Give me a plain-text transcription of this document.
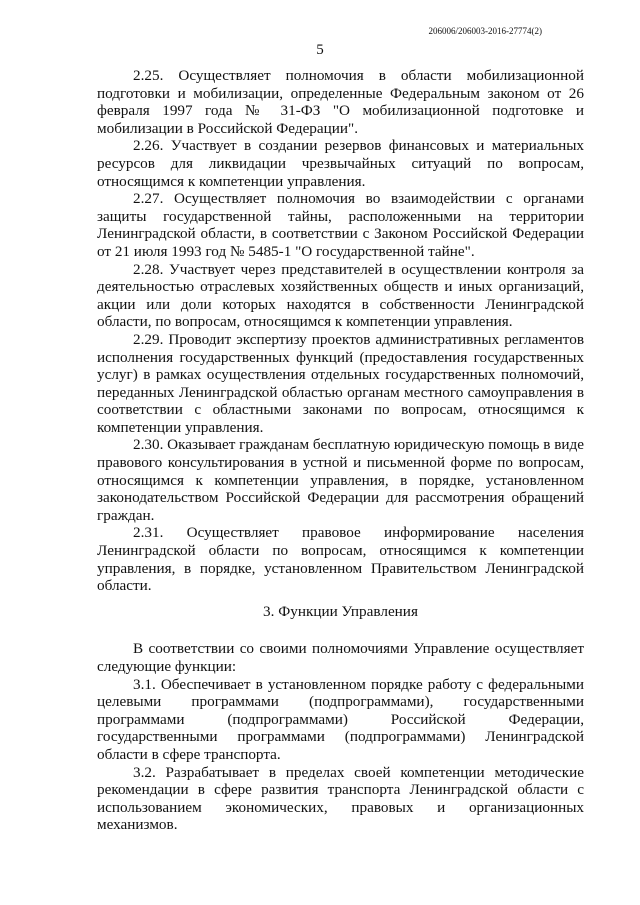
206006/206003-2016-27774(2)
5

2.25. Осуществляет полномочия в области мобилизационной подготовки и мобилизации, определенные Федеральным законом от 26 февраля 1997 года № 31-ФЗ "О мобилизационной подготовке и мобилизации в Российской Федерации".

2.26. Участвует в создании резервов финансовых и материальных ресурсов для ликвидации чрезвычайных ситуаций по вопросам, относящимся к компетенции управления.

2.27. Осуществляет полномочия во взаимодействии с органами защиты государственной тайны, расположенными на территории Ленинградской области, в соответствии с Законом Российской Федерации от 21 июля 1993 год № 5485-1 "О государственной тайне".

2.28. Участвует через представителей в осуществлении контроля за деятельностью отраслевых хозяйственных обществ и иных организаций, акции или доли которых находятся в собственности Ленинградской области, по вопросам, относящимся к компетенции управления.

2.29. Проводит экспертизу проектов административных регламентов исполнения государственных функций (предоставления государственных услуг) в рамках осуществления отдельных государственных полномочий, переданных Ленинградской областью органам местного самоуправления в соответствии с областными законами по вопросам, относящимся к компетенции управления.

2.30. Оказывает гражданам бесплатную юридическую помощь в виде правового консультирования в устной и письменной форме по вопросам, относящимся к компетенции управления, в порядке, установленном законодательством Российской Федерации для рассмотрения обращений граждан.

2.31. Осуществляет правовое информирование населения Ленинградской области по вопросам, относящимся к компетенции управления, в порядке, установленном Правительством Ленинградской области.

3. Функции Управления

В соответствии со своими полномочиями Управление осуществляет следующие функции:

3.1. Обеспечивает в установленном порядке работу с федеральными целевыми программами (подпрограммами), государственными программами (подпрограммами) Российской Федерации, государственными программами (подпрограммами) Ленинградской области в сфере транспорта.

3.2. Разрабатывает в пределах своей компетенции методические рекомендации в сфере развития транспорта Ленинградской области с использованием экономических, правовых и организационных механизмов.
